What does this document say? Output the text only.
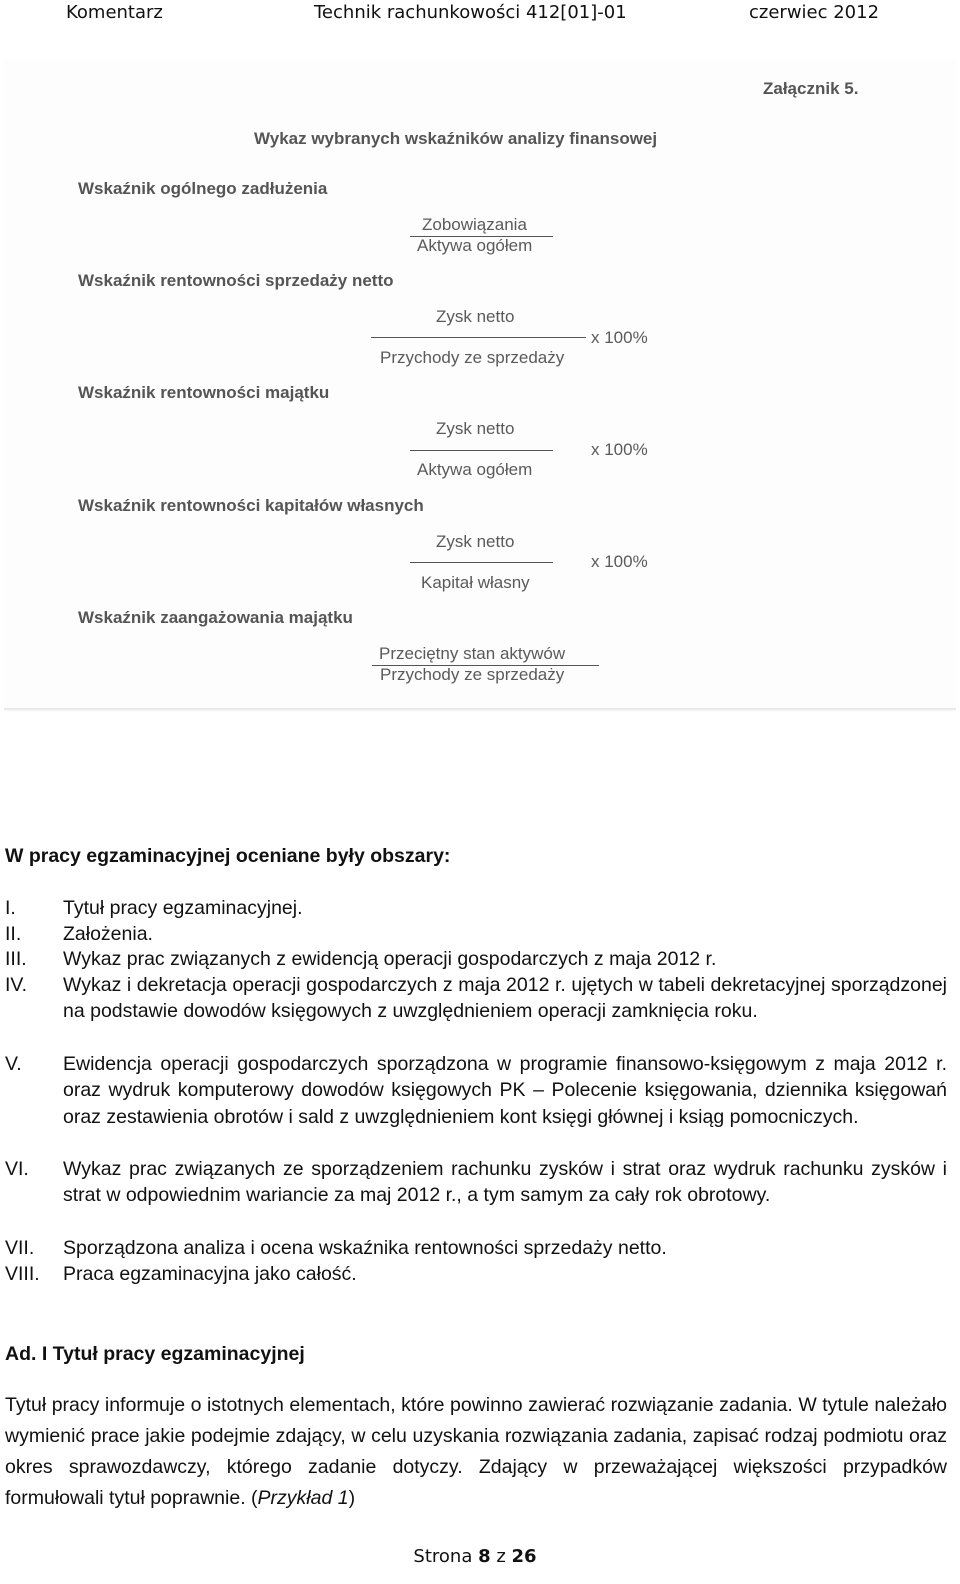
Komentarz	Technik rachunkowości 412[01]-01	czerwiec 2012
Załącznik 5.
Wykaz wybranych wskaźników analizy finansowej
Wskaźnik ogólnego zadłużenia
Zobowiązania
Aktywa ogółem
Wskaźnik rentowności sprzedaży netto
Zysk netto
Przychody ze sprzedaży
x 100%
Wskaźnik rentowności majątku
Zysk netto
Aktywa ogółem
x 100%
Wskaźnik rentowności kapitałów własnych
Zysk netto
Kapitał własny
x 100%
Wskaźnik zaangażowania majątku
Przeciętny stan aktywów
Przychody ze sprzedaży
W pracy egzaminacyjnej oceniane były obszary:
I. Tytuł pracy egzaminacyjnej.
II. Założenia.
III. Wykaz prac związanych z ewidencją operacji gospodarczych z maja 2012 r.
IV. Wykaz i dekretacja operacji gospodarczych z maja 2012 r. ujętych w tabeli dekretacyjnej sporządzonej na podstawie dowodów księgowych z uwzględnieniem operacji zamknięcia roku.
V. Ewidencja operacji gospodarczych sporządzona w programie finansowo-księgowym z maja 2012 r. oraz wydruk komputerowy dowodów księgowych PK – Polecenie księgowania, dziennika księgowań oraz zestawienia obrotów i sald z uwzględnieniem kont księgi głównej i ksiąg pomocniczych.
VI. Wykaz prac związanych ze sporządzeniem rachunku zysków i strat oraz wydruk rachunku zysków i strat w odpowiednim wariancie za maj 2012 r., a tym samym za cały rok obrotowy.
VII. Sporządzona analiza i ocena wskaźnika rentowności sprzedaży netto.
VIII. Praca egzaminacyjna jako całość.
Ad. I Tytuł pracy egzaminacyjnej
Tytuł pracy informuje o istotnych elementach, które powinno zawierać rozwiązanie zadania. W tytule należało wymienić prace jakie podejmie zdający, w celu uzyskania rozwiązania zadania, zapisać rodzaj podmiotu oraz okres sprawozdawczy, którego zadanie dotyczy. Zdający w przeważającej większości przypadków formułowali tytuł poprawnie. (Przykład 1)
Strona 8 z 26
